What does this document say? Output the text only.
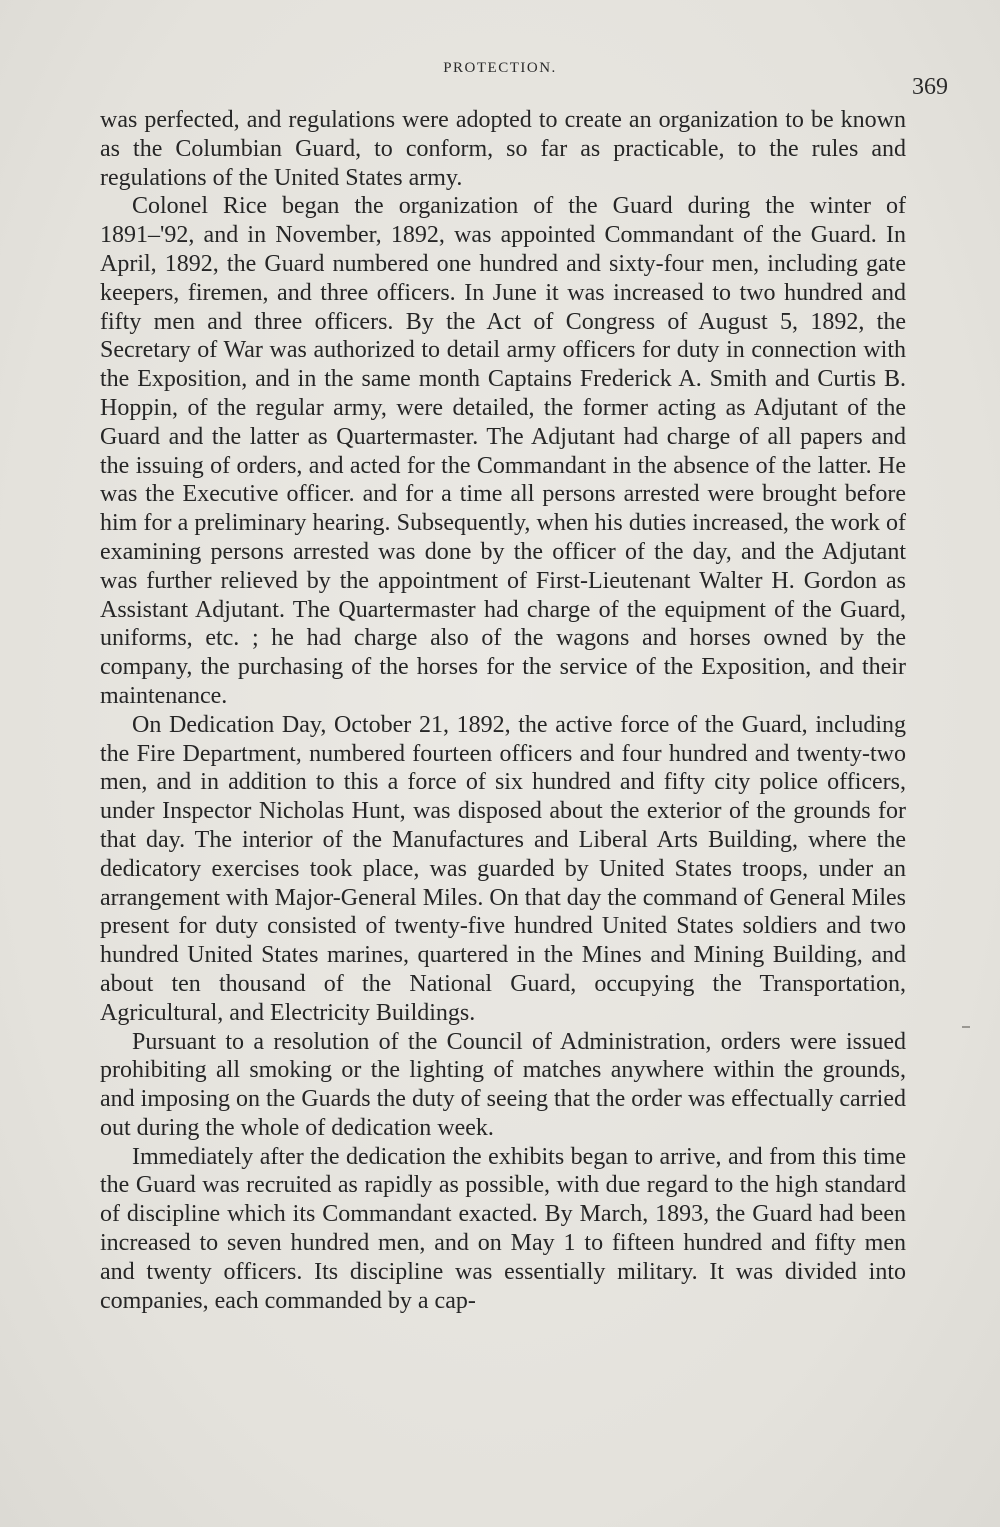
PROTECTION.
369

was perfected, and regulations were adopted to create an organization to be known as the Columbian Guard, to conform, so far as practicable, to the rules and regulations of the United States army.

Colonel Rice began the organization of the Guard during the winter of 1891–'92, and in November, 1892, was appointed Commandant of the Guard. In April, 1892, the Guard numbered one hundred and sixty-four men, including gate keepers, firemen, and three officers. In June it was increased to two hundred and fifty men and three officers. By the Act of Congress of August 5, 1892, the Secretary of War was authorized to detail army officers for duty in connection with the Exposition, and in the same month Captains Frederick A. Smith and Curtis B. Hoppin, of the regular army, were detailed, the former acting as Adjutant of the Guard and the latter as Quartermaster. The Adjutant had charge of all papers and the issuing of orders, and acted for the Commandant in the absence of the latter. He was the Executive officer. and for a time all persons arrested were brought before him for a preliminary hearing. Subsequently, when his duties increased, the work of examining persons arrested was done by the officer of the day, and the Adjutant was further relieved by the appointment of First-Lieutenant Walter H. Gordon as Assistant Adjutant. The Quartermaster had charge of the equipment of the Guard, uniforms, etc. ; he had charge also of the wagons and horses owned by the company, the purchasing of the horses for the service of the Exposition, and their maintenance.

On Dedication Day, October 21, 1892, the active force of the Guard, including the Fire Department, numbered fourteen officers and four hundred and twenty-two men, and in addition to this a force of six hundred and fifty city police officers, under Inspector Nicholas Hunt, was disposed about the exterior of the grounds for that day. The interior of the Manufactures and Liberal Arts Building, where the dedicatory exercises took place, was guarded by United States troops, under an arrangement with Major-General Miles. On that day the command of General Miles present for duty consisted of twenty-five hundred United States soldiers and two hundred United States marines, quartered in the Mines and Mining Building, and about ten thousand of the National Guard, occupying the Transportation, Agricultural, and Electricity Buildings.

Pursuant to a resolution of the Council of Administration, orders were issued prohibiting all smoking or the lighting of matches anywhere within the grounds, and imposing on the Guards the duty of seeing that the order was effectually carried out during the whole of dedication week.

Immediately after the dedication the exhibits began to arrive, and from this time the Guard was recruited as rapidly as possible, with due regard to the high standard of discipline which its Commandant exacted. By March, 1893, the Guard had been increased to seven hundred men, and on May 1 to fifteen hundred and fifty men and twenty officers. Its discipline was essentially military. It was divided into companies, each commanded by a cap-
